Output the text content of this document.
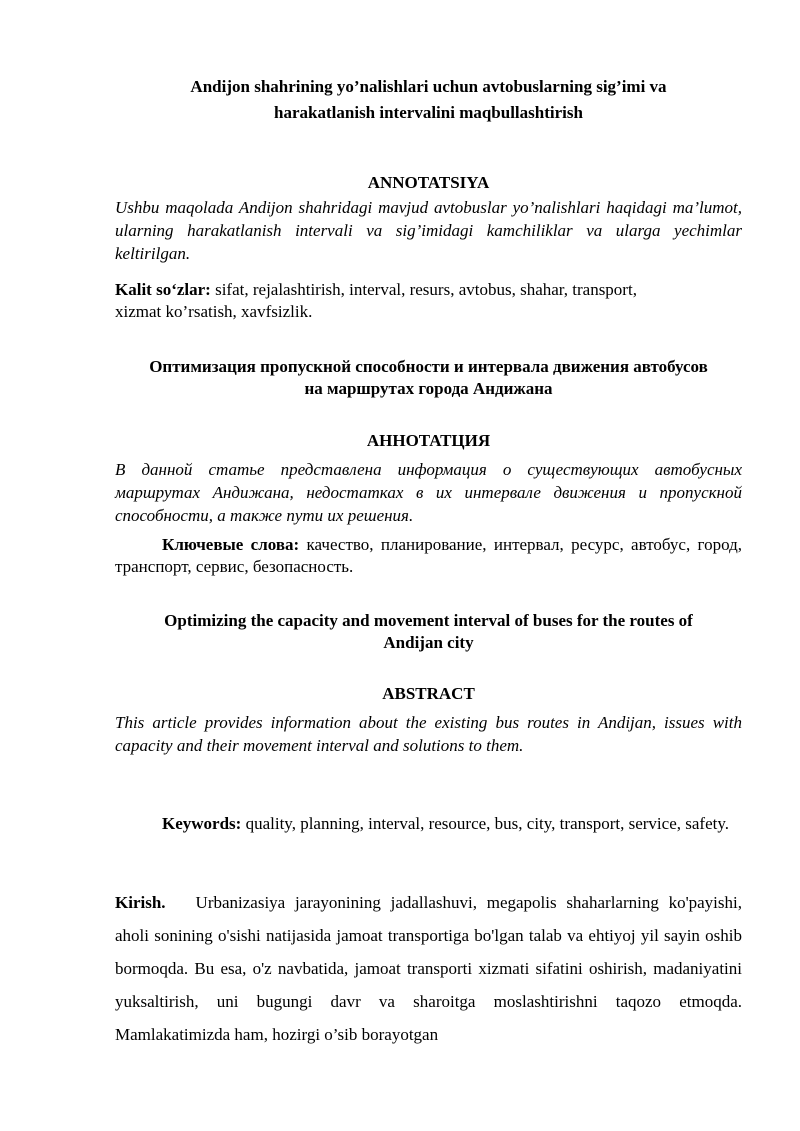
Andijon shahrining yo’nalishlari uchun avtobuslarning sig’imi va
harakatlanish intervalini maqbullashtirish

ANNOTATSIYA

Ushbu maqolada Andijon shahridagi mavjud avtobuslar yo’nalishlari haqidagi ma’lumot, ularning harakatlanish intervali va sig’imidagi kamchiliklar va ularga yechimlar keltirilgan.

Kalit so‘zlar: sifat, rejalashtirish, interval, resurs, avtobus, shahar, transport,
xizmat ko’rsatish, xavfsizlik.

Оптимизация пропускной способности и интервала движения автобусов
на маршрутах города Андижана

АННОТАТЦИЯ

В данной статье представлена информация о существующих автобусных маршрутах Андижана, недостатках в их интервале движения и пропускной способности, а также пути их решения.

Ключевые слова: качество, планирование, интервал, ресурс, автобус, город, транспорт, сервис, безопасность.

Optimizing the capacity and movement interval of buses for the routes of
Andijan city

ABSTRACT

This article provides information about the existing bus routes in Andijan, issues with capacity and their movement interval and solutions to them.

Keywords: quality, planning, interval, resource, bus, city, transport, service, safety.

Kirish. Urbanizasiya jarayonining jadallashuvi, megapolis shaharlarning ko'payishi, aholi sonining o'sishi natijasida jamoat transportiga bo'lgan talab va ehtiyoj yil sayin oshib bormoqda. Bu esa, o'z navbatida, jamoat transporti xizmati sifatini oshirish, madaniyatini yuksaltirish, uni bugungi davr va sharoitga moslashtirishni taqozo etmoqda. Mamlakatimizda ham, hozirgi o’sib borayotgan
